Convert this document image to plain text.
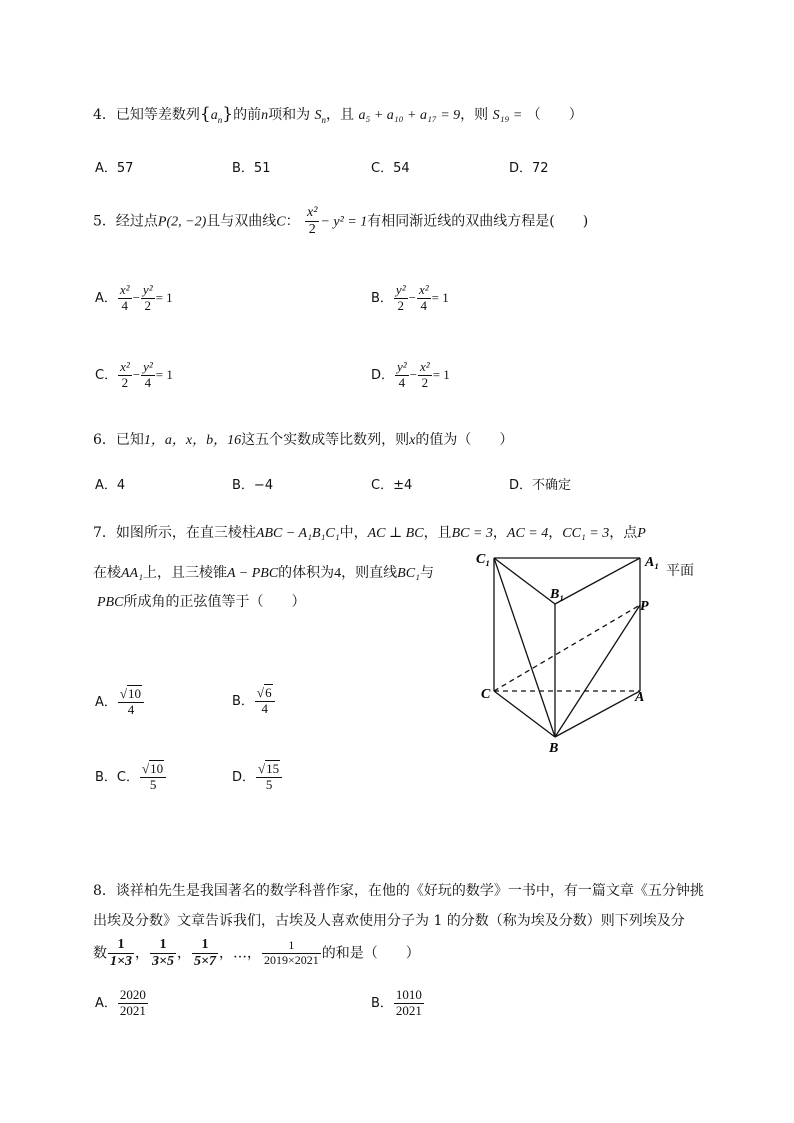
4．已知等差数列$\{a_n\}$的前n项和为 $S_n$，且 a₅ + a₁₀ + a₁₇ = 9，则 S₁₉ = （　　）
A．57	B．51	C．54	D．72
5．经过点P(2, −2)且与双曲线C： $\frac{\text{x²}}{2} - y^2 = 1$有相同渐近线的双曲线方程是(　　)
A． $\frac{\text{x²}}{4} - \frac{\text{y²}}{2} = 1$	B． $\frac{\text{y²}}{2} - \frac{\text{x²}}{4} = 1$
C． $\frac{\text{x²}}{2} - \frac{\text{y²}}{4} = 1$	D． $\frac{\text{y²}}{4} - \frac{\text{x²}}{2} = 1$
6．已知1，a，x，b，16这五个实数成等比数列，则x的值为（　　）
A．4	B．−4	C．±4	D．不确定
7．如图所示，在直三棱柱ABC − A₁B₁C₁中，AC ⊥ BC，且BC = 3，AC = 4，CC₁ = 3，点P
在棱AA₁上，且三棱锥A − PBC的体积为4，则直线BC₁与	平面
PBC所成角的正弦值等于（　　）
C₁	A₁
B₁
P
C	A
B
A． $\frac{√10}{4}$	B． $\frac{√6}{4}$
B．C． $\frac{√10}{5}$	D． $\frac{√15}{5}$
8．谈祥柏先生是我国著名的数学科普作家，在他的《好玩的数学》一书中，有一篇文章《五分钟挑
出埃及分数》文章告诉我们，古埃及人喜欢使用分子为 1 的分数（称为埃及分数）则下列埃及分
数 $\frac{1}{1\times 3}$ ， $\frac{1}{3\times 5}$ ， $\frac{1}{5\times 7}$ ，…， $\frac{1}{2019\times 2021}$ 的和是（　　）
A． $\frac{2020}{2021}$	B． $\frac{1010}{2021}$
